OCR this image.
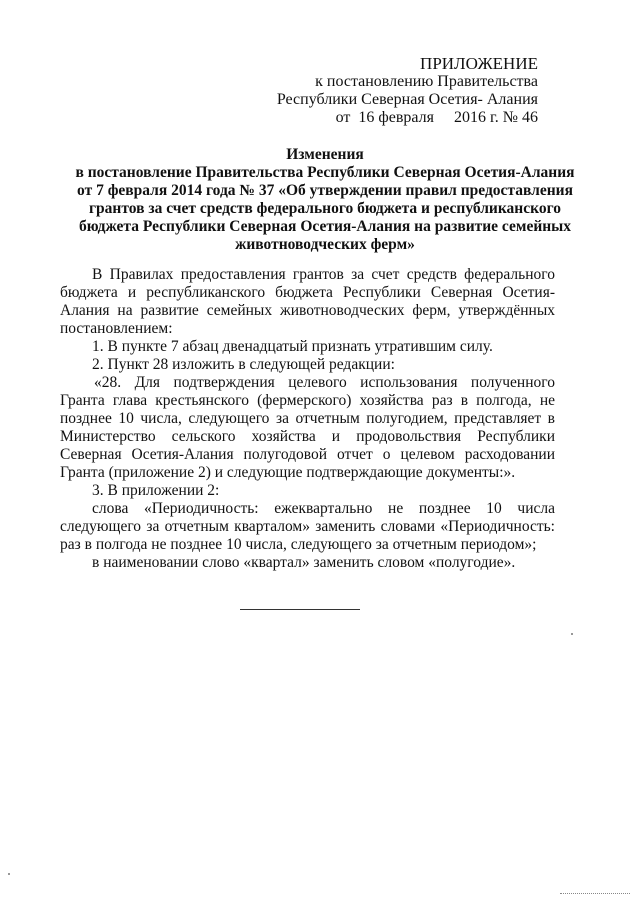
ПРИЛОЖЕНИЕ
к постановлению Правительства
Республики Северная Осетия- Алания
от 16 февраля 2016 г. № 46
Изменения
в постановление Правительства Республики Северная Осетия-Алания
от 7 февраля 2014 года № 37 «Об утверждении правил предоставления
грантов за счет средств федерального бюджета и республиканского
бюджета Республики Северная Осетия-Алания на развитие семейных
животноводческих ферм»
В Правилах предоставления грантов за счет средств федерального бюджета и республиканского бюджета Республики Северная Осетия-Алания на развитие семейных животноводческих ферм, утверждённых постановлением:
1. В пункте 7 абзац двенадцатый признать утратившим силу.
2. Пункт 28 изложить в следующей редакции:
«28. Для подтверждения целевого использования полученного Гранта глава крестьянского (фермерского) хозяйства раз в полгода, не позднее 10 числа, следующего за отчетным полугодием, представляет в Министерство сельского хозяйства и продовольствия Республики Северная Осетия-Алания полугодовой отчет о целевом расходовании Гранта (приложение 2) и следующие подтверждающие документы:».
3. В приложении 2:
слова «Периодичность: ежеквартально не позднее 10 числа следующего за отчетным кварталом» заменить словами «Периодичность: раз в полгода не позднее 10 числа, следующего за отчетным периодом»;
в наименовании слово «квартал» заменить словом «полугодие».
